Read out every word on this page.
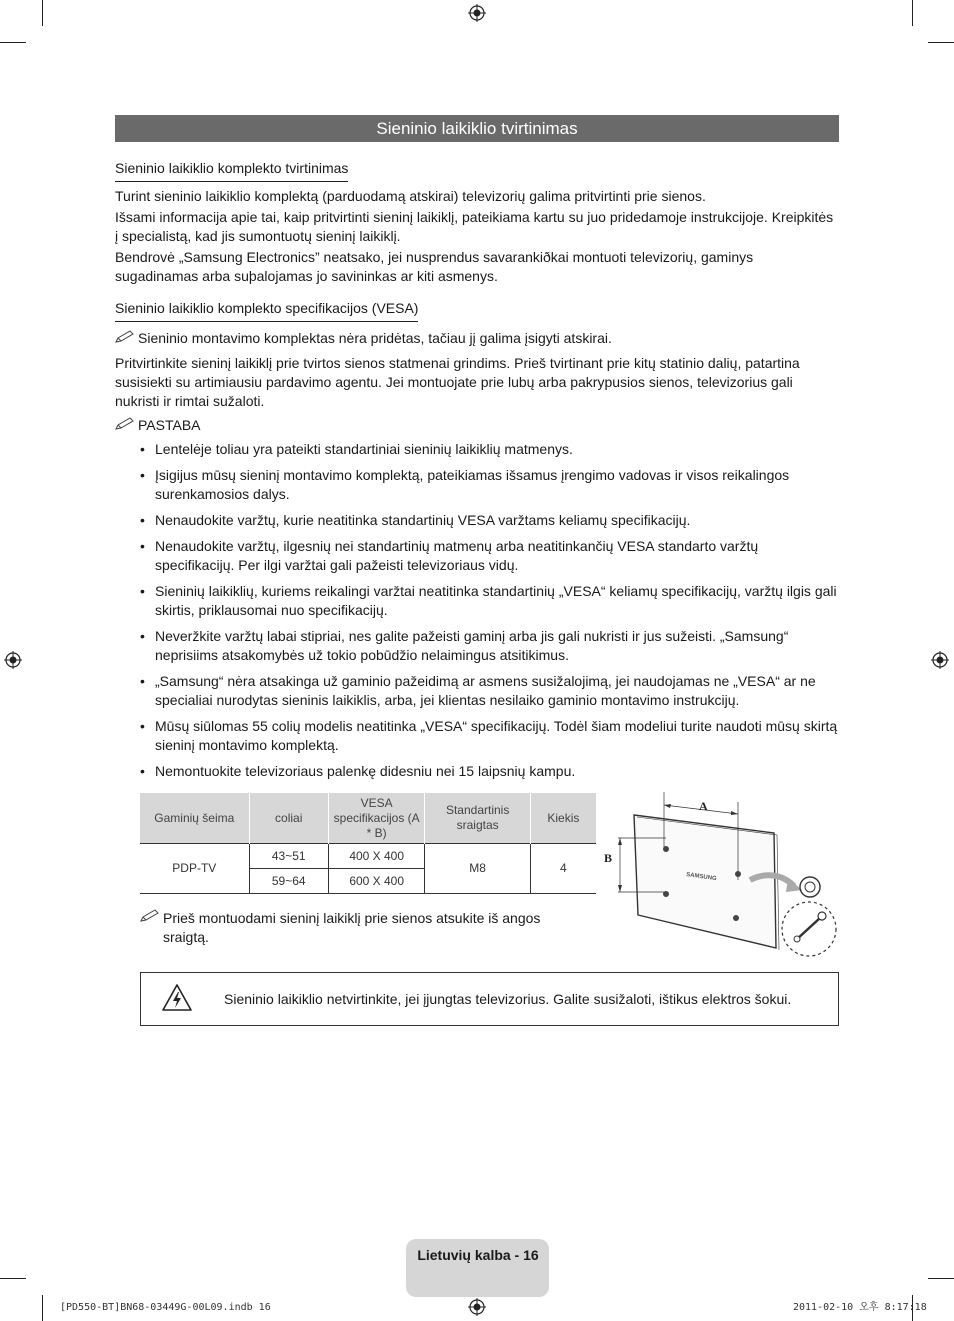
Sieninio laikiklio tvirtinimas
Sieninio laikiklio komplekto tvirtinimas

Turint sieninio laikiklio komplektą (parduodamą atskirai) televizorių galima pritvirtinti prie sienos.

Išsami informacija apie tai, kaip pritvirtinti sieninį laikiklį, pateikiama kartu su juo pridedamoje instrukcijoje. Kreipkitės į specialistą, kad jis sumontuotų sieninį laikiklį.

Bendrovė „Samsung Electronics” neatsako, jei nusprendus savarankiðkai montuoti televizorių, gaminys sugadinamas arba suþalojamas jo savininkas ar kiti asmenys.

Sieninio laikiklio komplekto specifikacijos (VESA)
Sieninio montavimo komplektas nėra pridėtas, tačiau jį galima įsigyti atskirai.

Pritvirtinkite sieninį laikiklį prie tvirtos sienos statmenai grindims. Prieš tvirtinant prie kitų statinio dalių, patartina susisiekti su artimiausiu pardavimo agentu. Jei montuojate prie lubų arba pakrypusios sienos, televizorius gali nukristi ir rimtai sužaloti.

PASTABA
• Lentelėje toliau yra pateikti standartiniai sieninių laikiklių matmenys.
• Įsigijus mūsų sieninį montavimo komplektą, pateikiamas išsamus įrengimo vadovas ir visos reikalingos surenkamosios dalys.
• Nenaudokite varžtų, kurie neatitinka standartinių VESA varžtams keliamų specifikacijų.
• Nenaudokite varžtų, ilgesnių nei standartinių matmenų arba neatitinkančių VESA standarto varžtų specifikacijų. Per ilgi varžtai gali pažeisti televizoriaus vidų.
• Sieninių laikiklių, kuriems reikalingi varžtai neatitinka standartinių „VESA“ keliamų specifikacijų, varžtų ilgis gali skirtis, priklausomai nuo specifikacijų.
• Neveržkite varžtų labai stipriai, nes galite pažeisti gaminį arba jis gali nukristi ir jus sužeisti. „Samsung“ neprisiims atsakomybės už tokio pobūdžio nelaimingus atsitikimus.
• „Samsung“ nėra atsakinga už gaminio pažeidimą ar asmens susižalojimą, jei naudojamas ne „VESA“ ar ne specialiai nurodytas sieninis laikiklis, arba, jei klientas nesilaiko gaminio montavimo instrukcijų.
• Mūsų siūlomas 55 colių modelis neatitinka „VESA“ specifikacijų. Todėl šiam modeliui turite naudoti mūsų skirtą sieninį montavimo komplektą.
• Nemontuokite televizoriaus palenkę didesniu nei 15 laipsnių kampu.
Gaminių šeima	coliai	VESA specifikacijos (A * B)	Standartinis sraigtas	Kiekis
PDP-TV	43~51	400 X 400	M8	4
	59~64	600 X 400		
A
B
SAMSUNG
Prieš montuodami sieninį laikiklį prie sienos atsukite iš angos sraigtą.
Sieninio laikiklio netvirtinkite, jei įjungtas televizorius. Galite susižaloti, ištikus elektros šokui.
Lietuvių kalba - 16
[PD550-BT]BN68-03449G-00L09.indb 16	2011-02-10 오후 8:17:18
